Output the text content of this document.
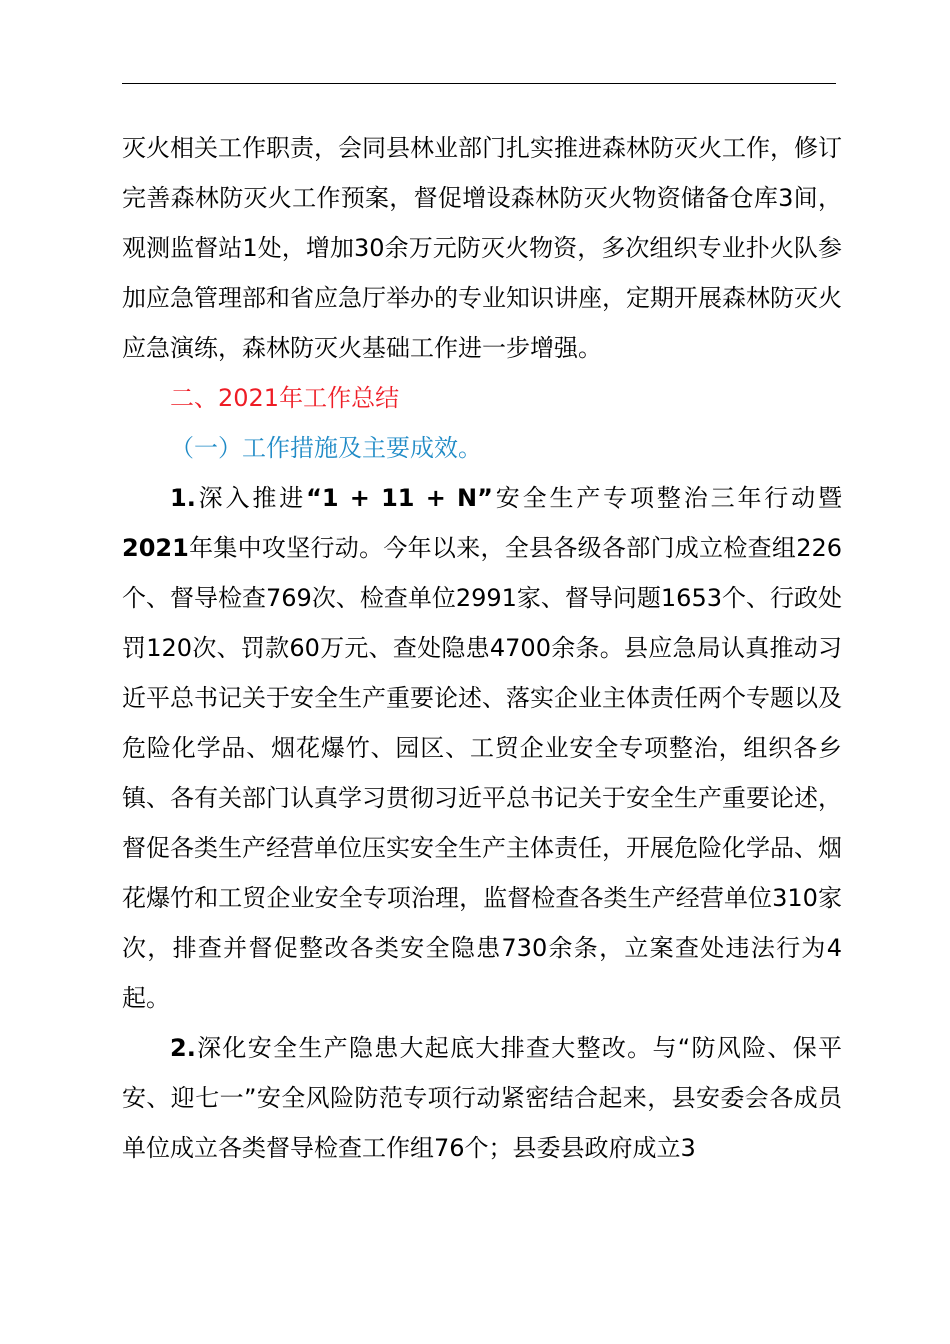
灭火相关工作职责，会同县林业部门扎实推进森林防灭火工作，修订完善森林防灭火工作预案，督促增设森林防灭火物资储备仓库3间，观测监督站1处，增加30余万元防灭火物资，多次组织专业扑火队参加应急管理部和省应急厅举办的专业知识讲座，定期开展森林防灭火应急演练，森林防灭火基础工作进一步增强。

二、2021年工作总结

（一）工作措施及主要成效。

1.深入推进“1 + 11 + N”安全生产专项整治三年行动暨2021年集中攻坚行动。今年以来，全县各级各部门成立检查组226个、督导检查769次、检查单位2991家、督导问题1653个、行政处罚120次、罚款60万元、查处隐患4700余条。县应急局认真推动习近平总书记关于安全生产重要论述、落实企业主体责任两个专题以及危险化学品、烟花爆竹、园区、工贸企业安全专项整治，组织各乡镇、各有关部门认真学习贯彻习近平总书记关于安全生产重要论述，督促各类生产经营单位压实安全生产主体责任，开展危险化学品、烟花爆竹和工贸企业安全专项治理，监督检查各类生产经营单位310家次，排查并督促整改各类安全隐患730余条，立案查处违法行为4起。

2.深化安全生产隐患大起底大排查大整改。与“防风险、保平安、迎七一”安全风险防范专项行动紧密结合起来，县安委会各成员单位成立各类督导检查工作组76个；县委县政府成立3
